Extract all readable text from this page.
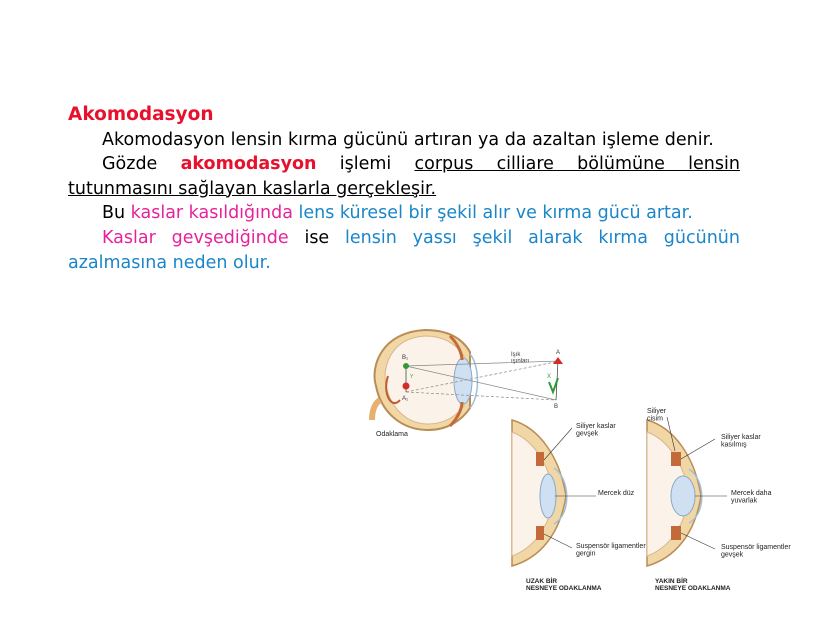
Akomodasyon
Akomodasyon lensin kırma gücünü artıran ya da azaltan işleme denir.
Gözde akomodasyon işlemi corpus cilliare bölümüne lensin tutunmasını sağlayan kaslarla gerçekleşir.
Bu kaslar kasıldığında lens küresel bir şekil alır ve kırma gücü artar.
Kaslar gevşediğinde ise lensin yassı şekil alarak kırma gücünün azalmasına neden olur.
B₁
A₁
A
B
Işık ışınları
X
Y
Odaklama
Siliyer kaslar gevşek
Mercek düz
Suspensör ligamentler gergin
UZAK BİR NESNEYE ODAKLANMA
Siliyer cisim
Siliyer kaslar kasılmış
Mercek daha yuvarlak
Suspensör ligamentler gevşek
YAKIN BİR NESNEYE ODAKLANMA
